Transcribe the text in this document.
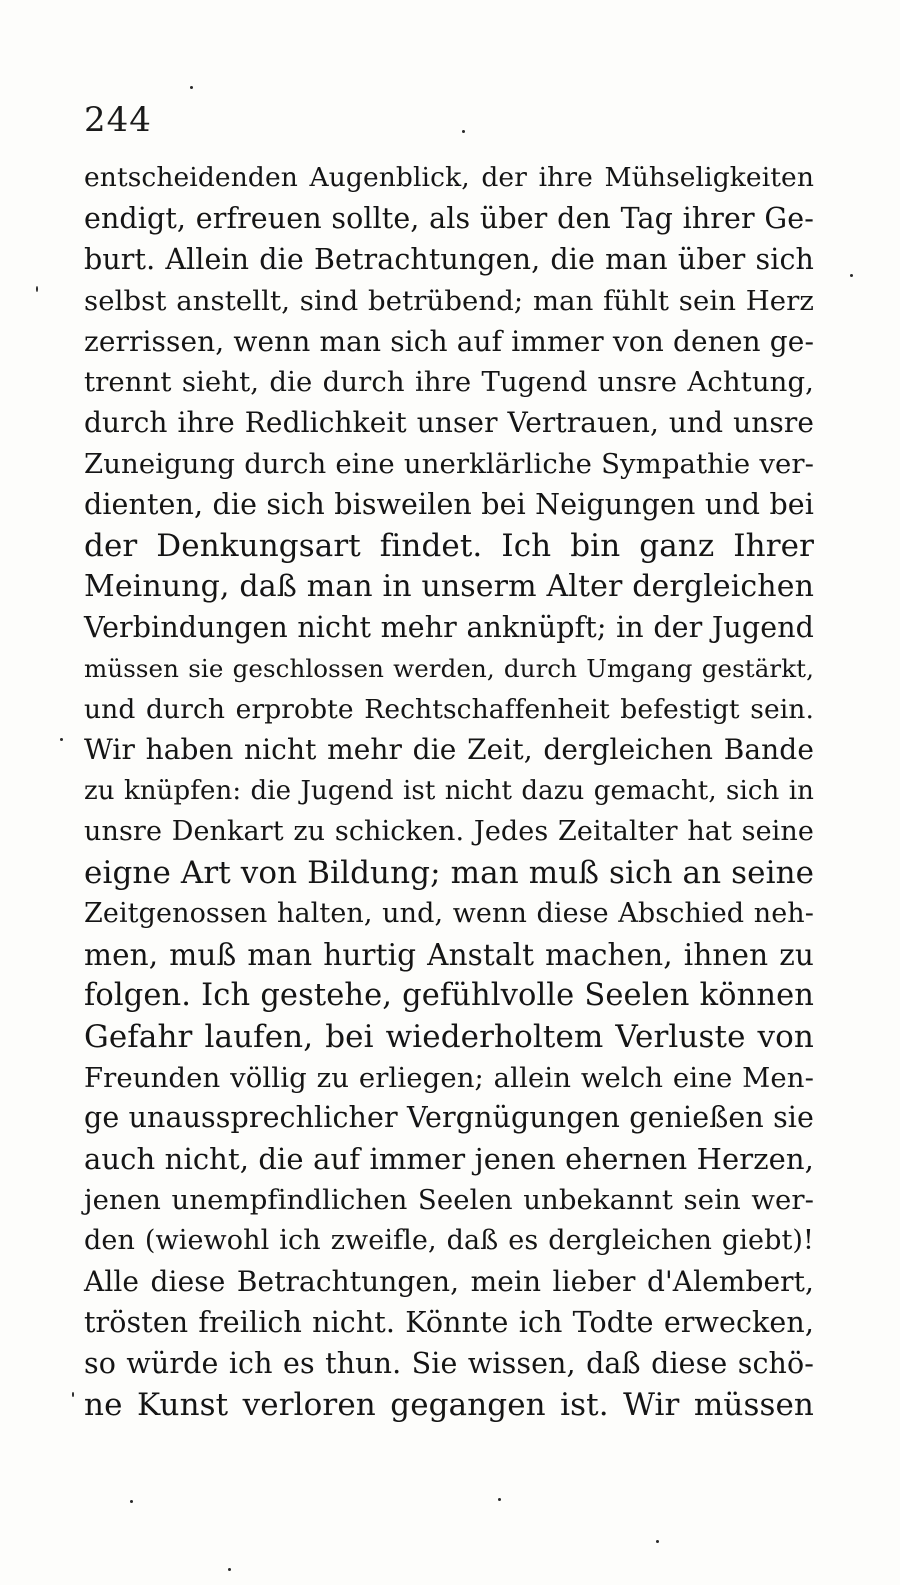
244
entscheidenden Augenblick, der ihre Mühseligkeiten
endigt, erfreuen sollte, als über den Tag ihrer Ge-
burt. Allein die Betrachtungen, die man über sich
selbst anstellt, sind betrübend; man fühlt sein Herz
zerrissen, wenn man sich auf immer von denen ge-
trennt sieht, die durch ihre Tugend unsre Achtung,
durch ihre Redlichkeit unser Vertrauen, und unsre
Zuneigung durch eine unerklärliche Sympathie ver-
dienten, die sich bisweilen bei Neigungen und bei
der Denkungsart findet. Ich bin ganz Ihrer
Meinung, daß man in unserm Alter dergleichen
Verbindungen nicht mehr anknüpft; in der Jugend
müssen sie geschlossen werden, durch Umgang gestärkt,
und durch erprobte Rechtschaffenheit befestigt sein.
Wir haben nicht mehr die Zeit, dergleichen Bande
zu knüpfen: die Jugend ist nicht dazu gemacht, sich in
unsre Denkart zu schicken. Jedes Zeitalter hat seine
eigne Art von Bildung; man muß sich an seine
Zeitgenossen halten, und, wenn diese Abschied neh-
men, muß man hurtig Anstalt machen, ihnen zu
folgen. Ich gestehe, gefühlvolle Seelen können
Gefahr laufen, bei wiederholtem Verluste von
Freunden völlig zu erliegen; allein welch eine Men-
ge unaussprechlicher Vergnügungen genießen sie
auch nicht, die auf immer jenen ehernen Herzen,
jenen unempfindlichen Seelen unbekannt sein wer-
den (wiewohl ich zweifle, daß es dergleichen giebt)!
Alle diese Betrachtungen, mein lieber d'Alembert,
trösten freilich nicht. Könnte ich Todte erwecken,
so würde ich es thun. Sie wissen, daß diese schö-
ne Kunst verloren gegangen ist. Wir müssen
